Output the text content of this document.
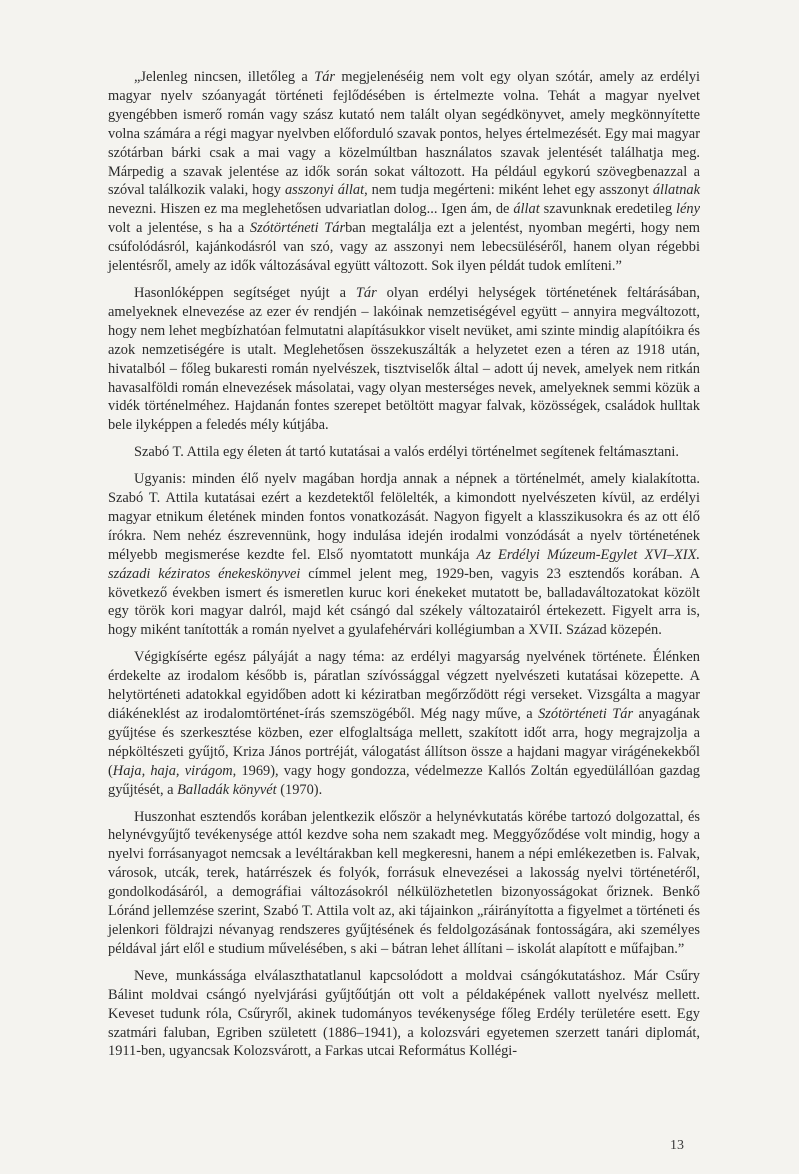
„Jelenleg nincsen, illetőleg a Tár megjelenéséig nem volt egy olyan szótár, amely az erdélyi magyar nyelv szóanyagát történeti fejlődésében is értelmezte volna. Tehát a magyar nyelvet gyengébben ismerő román vagy szász kutató nem talált olyan segédkönyvet, amely megkönnyítette volna számára a régi magyar nyelvben előforduló szavak pontos, helyes értelmezését. Egy mai magyar szótárban bárki csak a mai vagy a közelmúltban használatos szavak jelentését találhatja meg. Márpedig a szavak jelentése az idők során sokat változott. Ha például egykorú szövegbenazzal a szóval találkozik valaki, hogy asszonyi állat, nem tudja megérteni: miként lehet egy asszonyt állatnak nevezni. Hiszen ez ma meglehetősen udvariatlan dolog... Igen ám, de állat szavunknak eredetileg lény volt a jelentése, s ha a Szótörténeti Tárban megtalálja ezt a jelentést, nyomban megérti, hogy nem csúfolódásról, kajánkodásról van szó, vagy az asszonyi nem lebecsüléséről, hanem olyan régebbi jelentésről, amely az idők változásával együtt változott. Sok ilyen példát tudok említeni.”

Hasonlóképpen segítséget nyújt a Tár olyan erdélyi helységek történetének feltárásában, amelyeknek elnevezése az ezer év rendjén – lakóinak nemzetiségével együtt – annyira megváltozott, hogy nem lehet megbízhatóan felmutatni alapításukkor viselt nevüket, ami szinte mindig alapítóikra és azok nemzetiségére is utalt. Meglehetősen összekuszálták a helyzetet ezen a téren az 1918 után, hivatalból – főleg bukaresti román nyelvészek, tisztviselők által – adott új nevek, amelyek nem ritkán havasalföldi román elnevezések másolatai, vagy olyan mesterséges nevek, amelyeknek semmi közük a vidék történelméhez. Hajdanán fontes szerepet betöltött magyar falvak, közösségek, családok hulltak bele ilyképpen a feledés mély kútjába.

Szabó T. Attila egy életen át tartó kutatásai a valós erdélyi történelmet segítenek feltámasztani.

Ugyanis: minden élő nyelv magában hordja annak a népnek a történelmét, amely kialakította. Szabó T. Attila kutatásai ezért a kezdetektől felölelték, a kimondott nyelvészeten kívül, az erdélyi magyar etnikum életének minden fontos vonatkozását. Nagyon figyelt a klasszikusokra és az ott élő írókra. Nem nehéz észrevennünk, hogy indulása idején irodalmi vonzódását a nyelv történetének mélyebb megismerése kezdte fel. Első nyomtatott munkája Az Erdélyi Múzeum-Egylet XVI–XIX. századi kéziratos énekeskönyvei címmel jelent meg, 1929-ben, vagyis 23 esztendős korában. A következő években ismert és ismeretlen kuruc kori énekeket mutatott be, balladaváltozatokat közölt egy török kori magyar dalról, majd két csángó dal székely változatairól értekezett. Figyelt arra is, hogy miként tanították a román nyelvet a gyulafehérvári kollégiumban a XVII. Század közepén.

Végigkísérte egész pályáját a nagy téma: az erdélyi magyarság nyelvének története. Élénken érdekelte az irodalom később is, páratlan szívóssággal végzett nyelvészeti kutatásai közepette. A helytörténeti adatokkal egyidőben adott ki kéziratban megőrződött régi verseket. Vizsgálta a magyar diákéneklést az irodalomtörténet-írás szemszögéből. Még nagy műve, a Szótörténeti Tár anyagának gyűjtése és szerkesztése közben, ezer elfoglaltsága mellett, szakított időt arra, hogy megrajzolja a népköltészeti gyűjtő, Kriza János portréját, válogatást állítson össze a hajdani magyar virágénekekből (Haja, haja, virágom, 1969), vagy hogy gondozza, védelmezze Kallós Zoltán egyedülállóan gazdag gyűjtését, a Balladák könyvét (1970).

Huszonhat esztendős korában jelentkezik először a helynévkutatás körébe tartozó dolgozattal, és helynévgyűjtő tevékenysége attól kezdve soha nem szakadt meg. Meggyőződése volt mindig, hogy a nyelvi forrásanyagot nemcsak a levéltárakban kell megkeresni, hanem a népi emlékezetben is. Falvak, városok, utcák, terek, határrészek és folyók, forrásuk elnevezései a lakosság nyelvi történetéről, gondolkodásáról, a demográfiai változásokról nélkülözhetetlen bizonyosságokat őriznek. Benkő Lóránd jellemzése szerint, Szabó T. Attila volt az, aki tájainkon „ráirányította a figyelmet a történeti és jelenkori földrajzi névanyag rendszeres gyűjtésének és feldolgozásának fontosságára, aki személyes példával járt elől e studium művelésében, s aki – bátran lehet állítani – iskolát alapított e műfajban.”

Neve, munkássága elválaszthatatlanul kapcsolódott a moldvai csángókutatáshoz. Már Csűry Bálint moldvai csángó nyelvjárási gyűjtőútján ott volt a példaképének vallott nyelvész mellett. Keveset tudunk róla, Csűryről, akinek tudományos tevékenysége főleg Erdély területére esett. Egy szatmári faluban, Egriben született (1886–1941), a kolozsvári egyetemen szerzett tanári diplomát, 1911-ben, ugyancsak Kolozsvárott, a Farkas utcai Református Kollégi-

13
